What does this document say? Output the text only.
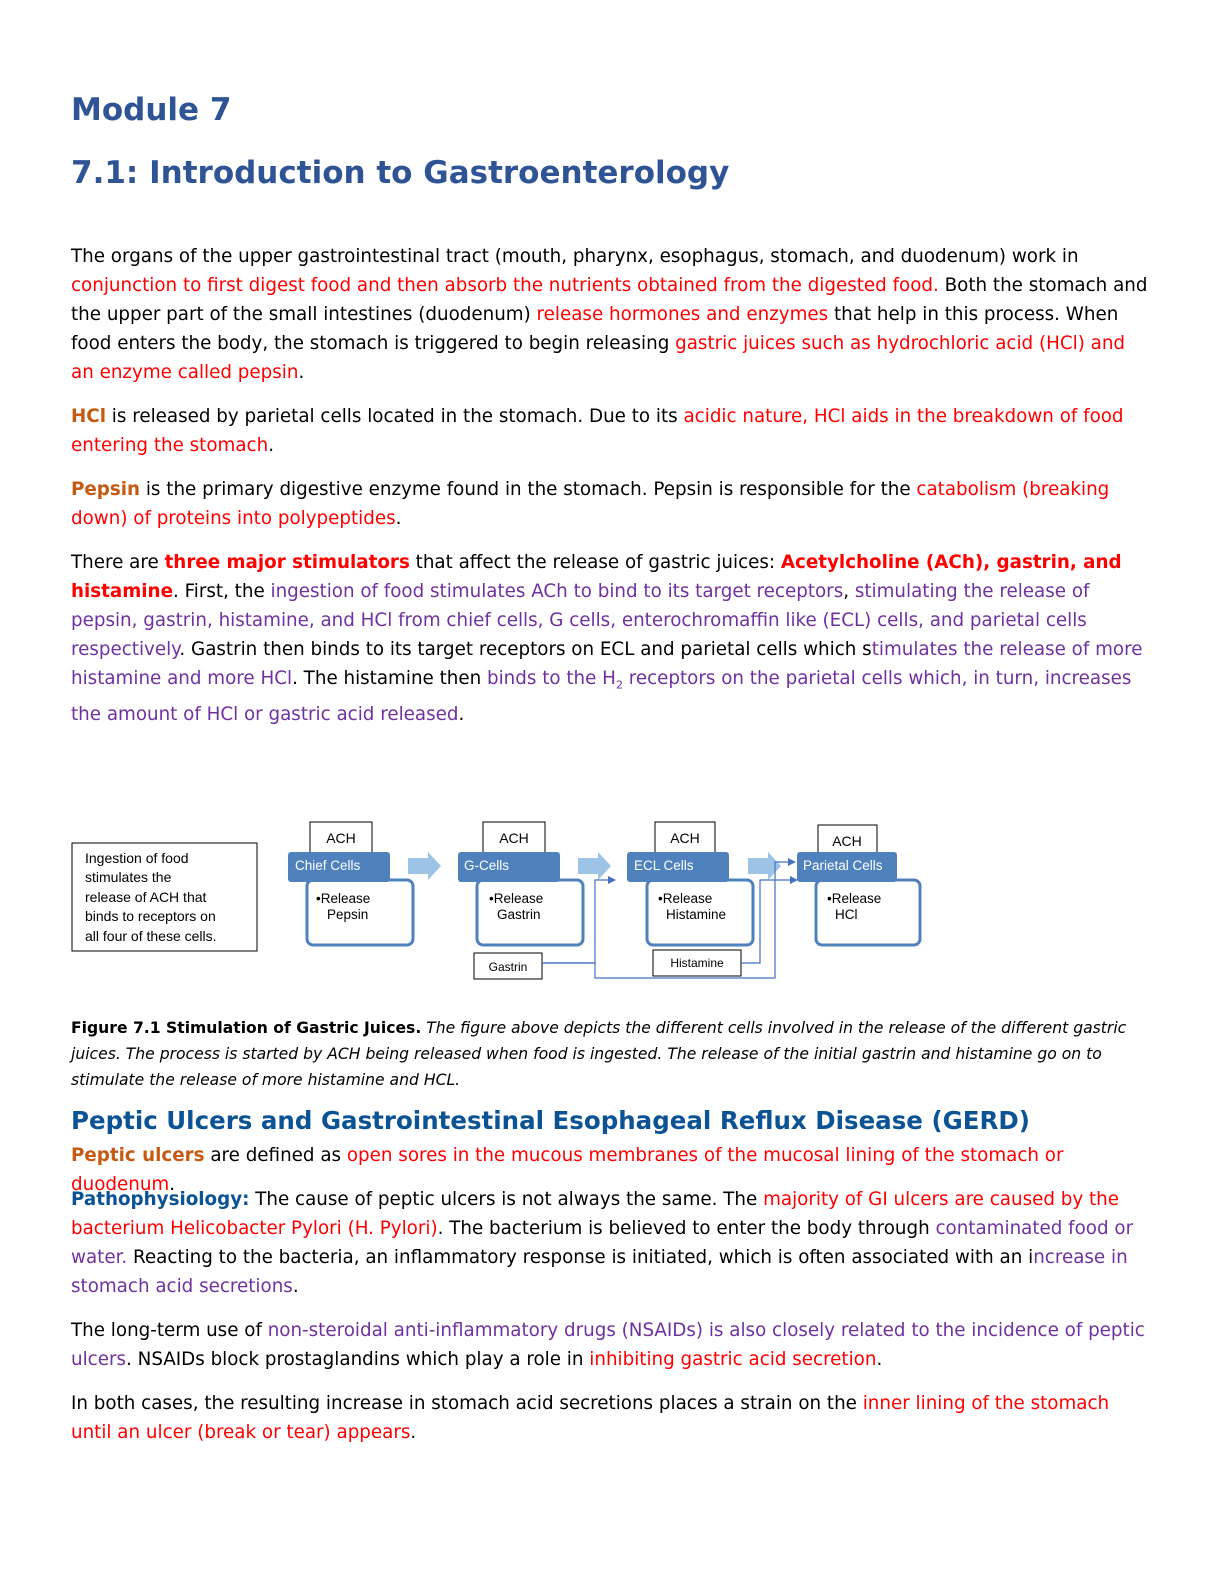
Module 7
7.1: Introduction to Gastroenterology

The organs of the upper gastrointestinal tract (mouth, pharynx, esophagus, stomach, and duodenum) work in conjunction to first digest food and then absorb the nutrients obtained from the digested food. Both the stomach and the upper part of the small intestines (duodenum) release hormones and enzymes that help in this process. When food enters the body, the stomach is triggered to begin releasing gastric juices such as hydrochloric acid (HCl) and an enzyme called pepsin.

HCl is released by parietal cells located in the stomach. Due to its acidic nature, HCl aids in the breakdown of food entering the stomach.

Pepsin is the primary digestive enzyme found in the stomach. Pepsin is responsible for the catabolism (breaking down) of proteins into polypeptides.

There are three major stimulators that affect the release of gastric juices: Acetylcholine (ACh), gastrin, and histamine. First, the ingestion of food stimulates ACh to bind to its target receptors, stimulating the release of pepsin, gastrin, histamine, and HCl from chief cells, G cells, enterochromaffin like (ECL) cells, and parietal cells respectively. Gastrin then binds to its target receptors on ECL and parietal cells which stimulates the release of more histamine and more HCl. The histamine then binds to the $H_2$ receptors on the parietal cells which, in turn, increases the amount of HCl or gastric acid released.

Ingestion of food
stimulates the
release of ACH that
binds to receptors on
all four of these cells.
ACH
Chief Cells
•Release
Pepsin
ACH
G-Cells
•Release
Gastrin
ACH
ECL Cells
•Release
Histamine
ACH
Parietal Cells
•Release
HCl
Gastrin	Histamine

Figure 7.1 Stimulation of Gastric Juices. The figure above depicts the different cells involved in the release of the different gastric juices. The process is started by ACH being released when food is ingested. The release of the initial gastrin and histamine go on to stimulate the release of more histamine and HCL.

Peptic Ulcers and Gastrointestinal Esophageal Reflux Disease (GERD)

Peptic ulcers are defined as open sores in the mucous membranes of the mucosal lining of the stomach or duodenum.

Pathophysiology: The cause of peptic ulcers is not always the same. The majority of GI ulcers are caused by the bacterium Helicobacter Pylori (H. Pylori). The bacterium is believed to enter the body through contaminated food or water. Reacting to the bacteria, an inflammatory response is initiated, which is often associated with an increase in stomach acid secretions.

The long-term use of non-steroidal anti-inflammatory drugs (NSAIDs) is also closely related to the incidence of peptic ulcers. NSAIDs block prostaglandins which play a role in inhibiting gastric acid secretion.

In both cases, the resulting increase in stomach acid secretions places a strain on the inner lining of the stomach until an ulcer (break or tear) appears.
